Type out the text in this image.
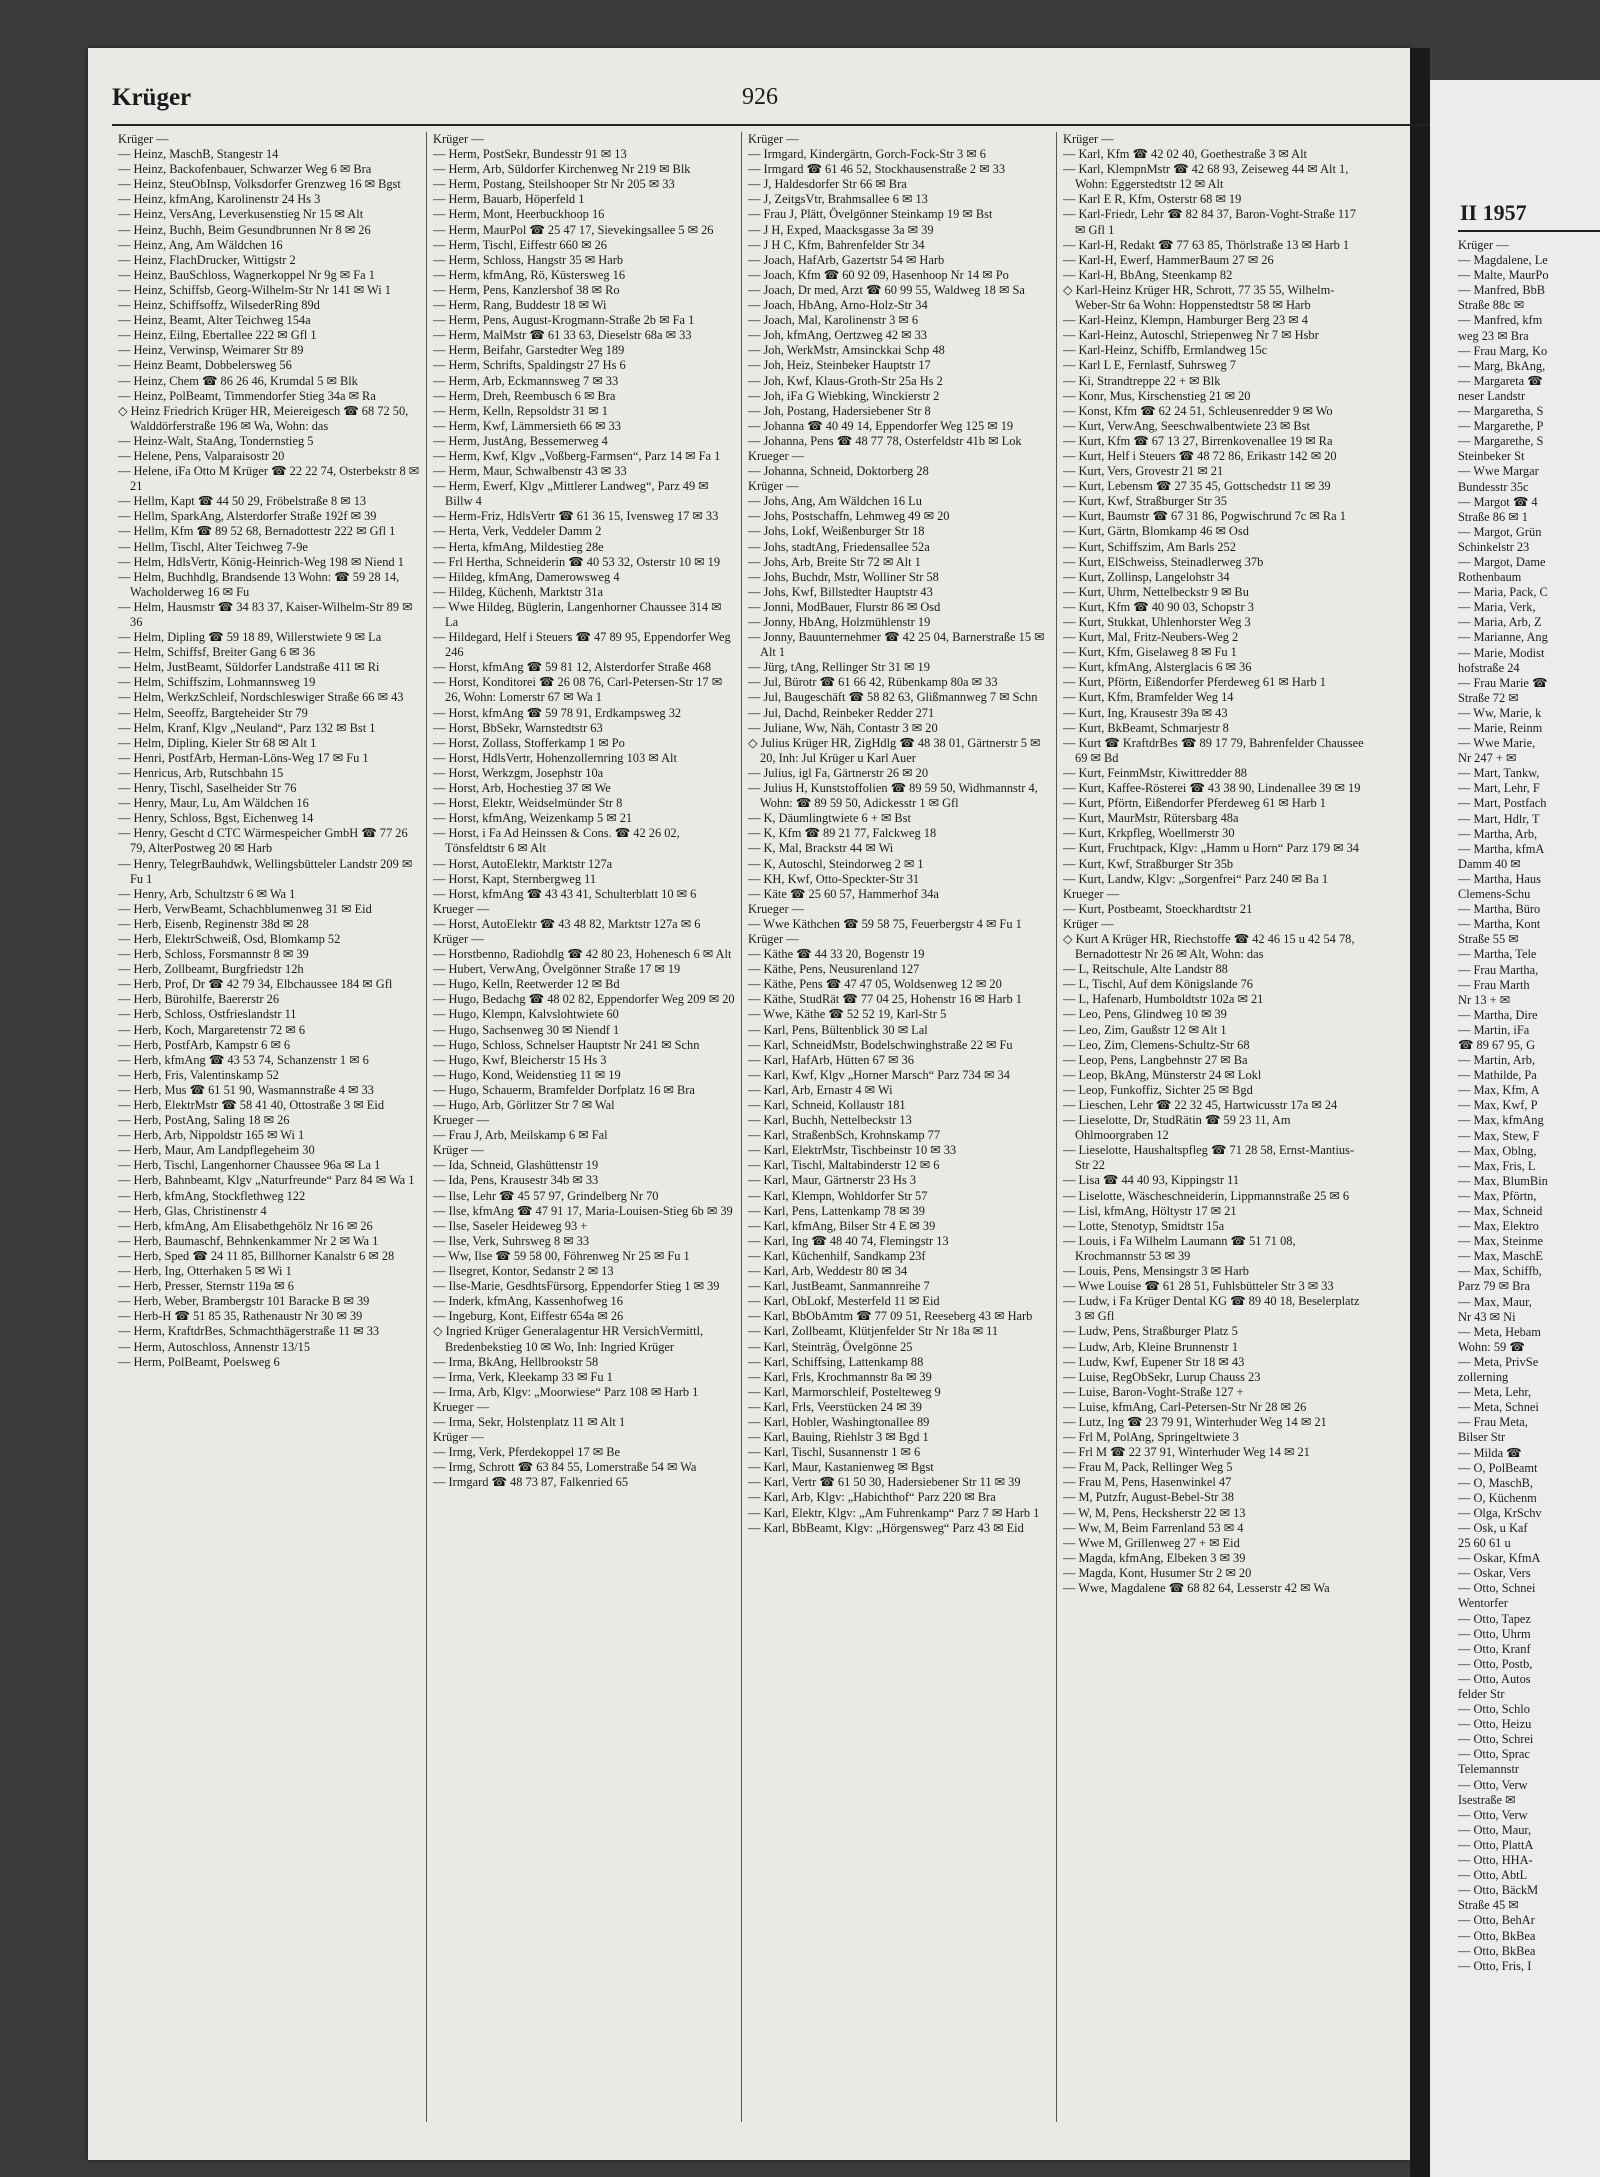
Krüger	926

Krüger —

— Heinz, MaschB, Stangestr 14

— Heinz, Backofenbauer, Schwarzer Weg 6 ✉ Bra

— Heinz, SteuObInsp, Volksdorfer Grenzweg 16 ✉ Bgst

— Heinz, kfmAng, Karolinenstr 24 Hs 3

— Heinz, VersAng, Leverkusenstieg Nr 15 ✉ Alt

— Heinz, Buchh, Beim Gesundbrunnen Nr 8 ✉ 26

— Heinz, Ang, Am Wäldchen 16

— Heinz, FlachDrucker, Wittigstr 2

— Heinz, BauSchloss, Wagnerkoppel Nr 9g ✉ Fa 1

— Heinz, Schiffsb, Georg-Wilhelm-Str Nr 141 ✉ Wi 1

— Heinz, Schiffsoffz, WilsederRing 89d

— Heinz, Beamt, Alter Teichweg 154a

— Heinz, Eilng, Ebertallee 222 ✉ Gfl 1

— Heinz, Verwinsp, Weimarer Str 89

— Heinz Beamt, Dobbelersweg 56

— Heinz, Chem ☎ 86 26 46, Krumdal 5 ✉ Blk

— Heinz, PolBeamt, Timmendorfer Stieg 34a ✉ Ra

◇ Heinz Friedrich Krüger HR, Meiereigesch ☎ 68 72 50, Walddörferstraße 196 ✉ Wa, Wohn: das

— Heinz-Walt, StaAng, Tondernstieg 5

— Helene, Pens, Valparaisostr 20

— Helene, iFa Otto M Krüger ☎ 22 22 74, Osterbekstr 8 ✉ 21

— Hellm, Kapt ☎ 44 50 29, Fröbelstraße 8 ✉ 13

— Hellm, SparkAng, Alsterdorfer Straße 192f ✉ 39

— Hellm, Kfm ☎ 89 52 68, Bernadottestr 222 ✉ Gfl 1

— Hellm, Tischl, Alter Teichweg 7-9e

— Helm, HdlsVertr, König-Heinrich-Weg 198 ✉ Niend 1

— Helm, Buchhdlg, Brandsende 13 Wohn: ☎ 59 28 14, Wacholderweg 16 ✉ Fu

— Helm, Hausmstr ☎ 34 83 37, Kaiser-Wilhelm-Str 89 ✉ 36

— Helm, Dipling ☎ 59 18 89, Willerstwiete 9 ✉ La

— Helm, Schiffsf, Breiter Gang 6 ✉ 36

— Helm, JustBeamt, Süldorfer Landstraße 411 ✉ Ri

— Helm, Schiffszim, Lohmannsweg 19

— Helm, WerkzSchleif, Nordschleswiger Straße 66 ✉ 43

— Helm, Seeoffz, Bargteheider Str 79

— Helm, Kranf, Klgv „Neuland“, Parz 132 ✉ Bst 1

— Helm, Dipling, Kieler Str 68 ✉ Alt 1

— Henri, PostfArb, Herman-Löns-Weg 17 ✉ Fu 1

— Henricus, Arb, Rutschbahn 15

— Henry, Tischl, Saselheider Str 76

— Henry, Maur, Lu, Am Wäldchen 16

— Henry, Schloss, Bgst, Eichenweg 14

— Henry, Gescht d CTC Wärmespeicher GmbH ☎ 77 26 79, AlterPostweg 20 ✉ Harb

— Henry, TelegrBauhdwk, Wellingsbütteler Landstr 209 ✉ Fu 1

— Henry, Arb, Schultzstr 6 ✉ Wa 1

— Herb, VerwBeamt, Schachblumenweg 31 ✉ Eid

— Herb, Eisenb, Reginenstr 38d ✉ 28

— Herb, ElektrSchweiß, Osd, Blomkamp 52

— Herb, Schloss, Forsmannstr 8 ✉ 39

— Herb, Zollbeamt, Burgfriedstr 12h

— Herb, Prof, Dr ☎ 42 79 34, Elbchaussee 184 ✉ Gfl

— Herb, Bürohilfe, Baererstr 26

— Herb, Schloss, Ostfrieslandstr 11

— Herb, Koch, Margaretenstr 72 ✉ 6

— Herb, PostfArb, Kampstr 6 ✉ 6

— Herb, kfmAng ☎ 43 53 74, Schanzenstr 1 ✉ 6

— Herb, Fris, Valentinskamp 52

— Herb, Mus ☎ 61 51 90, Wasmannstraße 4 ✉ 33

— Herb, ElektrMstr ☎ 58 41 40, Ottostraße 3 ✉ Eid

— Herb, PostAng, Saling 18 ✉ 26

— Herb, Arb, Nippoldstr 165 ✉ Wi 1

— Herb, Maur, Am Landpflegeheim 30

— Herb, Tischl, Langenhorner Chaussee 96a ✉ La 1

— Herb, Bahnbeamt, Klgv „Naturfreunde“ Parz 84 ✉ Wa 1

— Herb, kfmAng, Stockflethweg 122

— Herb, Glas, Christinenstr 4

— Herb, kfmAng, Am Elisabethgehölz Nr 16 ✉ 26

— Herb, Baumaschf, Behnkenkammer Nr 2 ✉ Wa 1

— Herb, Sped ☎ 24 11 85, Billhorner Kanalstr 6 ✉ 28

— Herb, Ing, Otterhaken 5 ✉ Wi 1

— Herb, Presser, Sternstr 119a ✉ 6

— Herb, Weber, Brambergstr 101 Baracke B ✉ 39

— Herb-H ☎ 51 85 35, Rathenaustr Nr 30 ✉ 39

— Herm, KraftdrBes, Schmachthägerstraße 11 ✉ 33

— Herm, Autoschloss, Annenstr 13/15

— Herm, PolBeamt, Poelsweg 6

Krüger —

— Herm, PostSekr, Bundesstr 91 ✉ 13

— Herm, Arb, Süldorfer Kirchenweg Nr 219 ✉ Blk

— Herm, Postang, Steilshooper Str Nr 205 ✉ 33

— Herm, Bauarb, Höperfeld 1

— Herm, Mont, Heerbuckhoop 16

— Herm, MaurPol ☎ 25 47 17, Sievekingsallee 5 ✉ 26

— Herm, Tischl, Eiffestr 660 ✉ 26

— Herm, Schloss, Hangstr 35 ✉ Harb

— Herm, kfmAng, Rö, Küstersweg 16

— Herm, Pens, Kanzlershof 38 ✉ Ro

— Herm, Rang, Buddestr 18 ✉ Wi

— Herm, Pens, August-Krogmann-Straße 2b ✉ Fa 1

— Herm, MalMstr ☎ 61 33 63, Dieselstr 68a ✉ 33

— Herm, Beifahr, Garstedter Weg 189

— Herm, Schrifts, Spaldingstr 27 Hs 6

— Herm, Arb, Eckmannsweg 7 ✉ 33

— Herm, Dreh, Reembusch 6 ✉ Bra

— Herm, Kelln, Repsoldstr 31 ✉ 1

— Herm, Kwf, Lämmersieth 66 ✉ 33

— Herm, JustAng, Bessemerweg 4

— Herm, Kwf, Klgv „Voßberg-Farmsen“, Parz 14 ✉ Fa 1

— Herm, Maur, Schwalbenstr 43 ✉ 33

— Herm, Ewerf, Klgv „Mittlerer Landweg“, Parz 49 ✉ Billw 4

— Herm-Friz, HdlsVertr ☎ 61 36 15, Ivensweg 17 ✉ 33

— Herta, Verk, Veddeler Damm 2

— Herta, kfmAng, Mildestieg 28e

— Frl Hertha, Schneiderin ☎ 40 53 32, Osterstr 10 ✉ 19

— Hildeg, kfmAng, Damerowsweg 4

— Hildeg, Küchenh, Marktstr 31a

— Wwe Hildeg, Büglerin, Langenhorner Chaussee 314 ✉ La

— Hildegard, Helf i Steuers ☎ 47 89 95, Eppendorfer Weg 246

— Horst, kfmAng ☎ 59 81 12, Alsterdorfer Straße 468

— Horst, Konditorei ☎ 26 08 76, Carl-Petersen-Str 17 ✉ 26, Wohn: Lomerstr 67 ✉ Wa 1

— Horst, kfmAng ☎ 59 78 91, Erdkampsweg 32

— Horst, BbSekr, Warnstedtstr 63

— Horst, Zollass, Stofferkamp 1 ✉ Po

— Horst, HdlsVertr, Hohenzollernring 103 ✉ Alt

— Horst, Werkzgm, Josephstr 10a

— Horst, Arb, Hochestieg 37 ✉ We

— Horst, Elektr, Weidselmünder Str 8

— Horst, kfmAng, Weizenkamp 5 ✉ 21

— Horst, i Fa Ad Heinssen & Cons. ☎ 42 26 02, Tönsfeldtstr 6 ✉ Alt

— Horst, AutoElektr, Marktstr 127a

— Horst, Kapt, Sternbergweg 11

— Horst, kfmAng ☎ 43 43 41, Schulterblatt 10 ✉ 6

Krueger —

— Horst, AutoElektr ☎ 43 48 82, Marktstr 127a ✉ 6

Krüger —

— Horstbenno, Radiohdlg ☎ 42 80 23, Hohenesch 6 ✉ Alt

— Hubert, VerwAng, Övelgönner Straße 17 ✉ 19

— Hugo, Kelln, Reetwerder 12 ✉ Bd

— Hugo, Bedachg ☎ 48 02 82, Eppendorfer Weg 209 ✉ 20

— Hugo, Klempn, Kalvslohtwiete 60

— Hugo, Sachsenweg 30 ✉ Niendf 1

— Hugo, Schloss, Schnelser Hauptstr Nr 241 ✉ Schn

— Hugo, Kwf, Bleicherstr 15 Hs 3

— Hugo, Kond, Weidenstieg 11 ✉ 19

— Hugo, Schauerm, Bramfelder Dorfplatz 16 ✉ Bra

— Hugo, Arb, Görlitzer Str 7 ✉ Wal

Krueger —

— Frau J, Arb, Meilskamp 6 ✉ Fal

Krüger —

— Ida, Schneid, Glashüttenstr 19

— Ida, Pens, Krausestr 34b ✉ 33

— Ilse, Lehr ☎ 45 57 97, Grindelberg Nr 70

— Ilse, kfmAng ☎ 47 91 17, Maria-Louisen-Stieg 6b ✉ 39

— Ilse, Saseler Heideweg 93 +

— Ilse, Verk, Suhrsweg 8 ✉ 33

— Ww, Ilse ☎ 59 58 00, Föhrenweg Nr 25 ✉ Fu 1

— Ilsegret, Kontor, Sedanstr 2 ✉ 13

— Ilse-Marie, GesdhtsFürsorg, Eppendorfer Stieg 1 ✉ 39

— Inderk, kfmAng, Kassenhofweg 16

— Ingeburg, Kont, Eiffestr 654a ✉ 26

◇ Ingried Krüger Generalagentur HR VersichVermittl, Bredenbekstieg 10 ✉ Wo, Inh: Ingried Krüger

— Irma, BkAng, Hellbrookstr 58

— Irma, Verk, Kleekamp 33 ✉ Fu 1

— Irma, Arb, Klgv: „Moorwiese“ Parz 108 ✉ Harb 1

Krueger —

— Irma, Sekr, Holstenplatz 11 ✉ Alt 1

Krüger —

— Irmg, Verk, Pferdekoppel 17 ✉ Be

— Irmg, Schrott ☎ 63 84 55, Lomerstraße 54 ✉ Wa

— Irmgard ☎ 48 73 87, Falkenried 65

Krüger —

— Irmgard, Kindergärtn, Gorch-Fock-Str 3 ✉ 6

— Irmgard ☎ 61 46 52, Stockhausenstraße 2 ✉ 33

— J, Haldesdorfer Str 66 ✉ Bra

— J, ZeitgsVtr, Brahmsallee 6 ✉ 13

— Frau J, Plätt, Övelgönner Steinkamp 19 ✉ Bst

— J H, Exped, Maacksgasse 3a ✉ 39

— J H C, Kfm, Bahrenfelder Str 34

— Joach, HafArb, Gazertstr 54 ✉ Harb

— Joach, Kfm ☎ 60 92 09, Hasenhoop Nr 14 ✉ Po

— Joach, Dr med, Arzt ☎ 60 99 55, Waldweg 18 ✉ Sa

— Joach, HbAng, Arno-Holz-Str 34

— Joach, Mal, Karolinenstr 3 ✉ 6

— Joh, kfmAng, Oertzweg 42 ✉ 33

— Joh, WerkMstr, Amsinckkai Schp 48

— Joh, Heiz, Steinbeker Hauptstr 17

— Joh, Kwf, Klaus-Groth-Str 25a Hs 2

— Joh, iFa G Wiebking, Winckierstr 2

— Joh, Postang, Hadersiebener Str 8

— Johanna ☎ 40 49 14, Eppendorfer Weg 125 ✉ 19

— Johanna, Pens ☎ 48 77 78, Osterfeldstr 41b ✉ Lok

Krueger —

— Johanna, Schneid, Doktorberg 28

Krüger —

— Johs, Ang, Am Wäldchen 16 Lu

— Johs, Postschaffn, Lehmweg 49 ✉ 20

— Johs, Lokf, Weißenburger Str 18

— Johs, stadtAng, Friedensallee 52a

— Johs, Arb, Breite Str 72 ✉ Alt 1

— Johs, Buchdr, Mstr, Wolliner Str 58

— Johs, Kwf, Billstedter Hauptstr 43

— Jonni, ModBauer, Flurstr 86 ✉ Osd

— Jonny, HbAng, Holzmühlenstr 19

— Jonny, Bauunternehmer ☎ 42 25 04, Barnerstraße 15 ✉ Alt 1

— Jürg, tAng, Rellinger Str 31 ✉ 19

— Jul, Bürotr ☎ 61 66 42, Rübenkamp 80a ✉ 33

— Jul, Baugeschäft ☎ 58 82 63, Glißmannweg 7 ✉ Schn

— Jul, Dachd, Reinbeker Redder 271

— Juliane, Ww, Näh, Contastr 3 ✉ 20

◇ Julius Krüger HR, ZigHdlg ☎ 48 38 01, Gärtnerstr 5 ✉ 20, Inh: Jul Krüger u Karl Auer

— Julius, igl Fa, Gärtnerstr 26 ✉ 20

— Julius H, Kunststoffolien ☎ 89 59 50, Widhmannstr 4, Wohn: ☎ 89 59 50, Adickesstr 1 ✉ Gfl

— K, Däumlingtwiete 6 + ✉ Bst

— K, Kfm ☎ 89 21 77, Falckweg 18

— K, Mal, Brackstr 44 ✉ Wi

— K, Autoschl, Steindorweg 2 ✉ 1

— KH, Kwf, Otto-Speckter-Str 31

— Käte ☎ 25 60 57, Hammerhof 34a

Krueger —

— Wwe Käthchen ☎ 59 58 75, Feuerbergstr 4 ✉ Fu 1

Krüger —

— Käthe ☎ 44 33 20, Bogenstr 19

— Käthe, Pens, Neusurenland 127

— Käthe, Pens ☎ 47 47 05, Woldsenweg 12 ✉ 20

— Käthe, StudRät ☎ 77 04 25, Hohenstr 16 ✉ Harb 1

— Wwe, Käthe ☎ 52 52 19, Karl-Str 5

— Karl, Pens, Bültenblick 30 ✉ Lal

— Karl, SchneidMstr, Bodelschwinghstraße 22 ✉ Fu

— Karl, HafArb, Hütten 67 ✉ 36

— Karl, Kwf, Klgv „Horner Marsch“ Parz 734 ✉ 34

— Karl, Arb, Ernastr 4 ✉ Wi

— Karl, Schneid, Kollaustr 181

— Karl, Buchh, Nettelbeckstr 13

— Karl, StraßenbSch, Krohnskamp 77

— Karl, ElektrMstr, Tischbeinstr 10 ✉ 33

— Karl, Tischl, Maltabinderstr 12 ✉ 6

— Karl, Maur, Gärtnerstr 23 Hs 3

— Karl, Klempn, Wohldorfer Str 57

— Karl, Pens, Lattenkamp 78 ✉ 39

— Karl, kfmAng, Bilser Str 4 E ✉ 39

— Karl, Ing ☎ 48 40 74, Flemingstr 13

— Karl, Küchenhilf, Sandkamp 23f

— Karl, Arb, Weddestr 80 ✉ 34

— Karl, JustBeamt, Sanmannreihe 7

— Karl, ObLokf, Mesterfeld 11 ✉ Eid

— Karl, BbObAmtm ☎ 77 09 51, Reeseberg 43 ✉ Harb

— Karl, Zollbeamt, Klütjenfelder Str Nr 18a ✉ 11

— Karl, Steinträg, Övelgönne 25

— Karl, Schiffsing, Lattenkamp 88

— Karl, Frls, Krochmannstr 8a ✉ 39

— Karl, Marmorschleif, Postelteweg 9

— Karl, Frls, Veerstücken 24 ✉ 39

— Karl, Hobler, Washingtonallee 89

— Karl, Bauing, Riehlstr 3 ✉ Bgd 1

— Karl, Tischl, Susannenstr 1 ✉ 6

— Karl, Maur, Kastanienweg ✉ Bgst

— Karl, Vertr ☎ 61 50 30, Hadersiebener Str 11 ✉ 39

— Karl, Arb, Klgv: „Habichthof“ Parz 220 ✉ Bra

— Karl, Elektr, Klgv: „Am Fuhrenkamp“ Parz 7 ✉ Harb 1

— Karl, BbBeamt, Klgv: „Hörgensweg“ Parz 43 ✉ Eid

Krüger —

— Karl, Kfm ☎ 42 02 40, Goethestraße 3 ✉ Alt

— Karl, KlempnMstr ☎ 42 68 93, Zeiseweg 44 ✉ Alt 1, Wohn: Eggerstedtstr 12 ✉ Alt

— Karl E R, Kfm, Osterstr 68 ✉ 19

— Karl-Friedr, Lehr ☎ 82 84 37, Baron-Voght-Straße 117 ✉ Gfl 1

— Karl-H, Redakt ☎ 77 63 85, Thörlstraße 13 ✉ Harb 1

— Karl-H, Ewerf, HammerBaum 27 ✉ 26

— Karl-H, BbAng, Steenkamp 82

◇ Karl-Heinz Krüger HR, Schrott, 77 35 55, Wilhelm-Weber-Str 6a Wohn: Hoppenstedtstr 58 ✉ Harb

— Karl-Heinz, Klempn, Hamburger Berg 23 ✉ 4

— Karl-Heinz, Autoschl, Striepenweg Nr 7 ✉ Hsbr

— Karl-Heinz, Schiffb, Ermlandweg 15c

— Karl L E, Fernlastf, Suhrsweg 7

— Ki, Strandtreppe 22 + ✉ Blk

— Konr, Mus, Kirschenstieg 21 ✉ 20

— Konst, Kfm ☎ 62 24 51, Schleusenredder 9 ✉ Wo

— Kurt, VerwAng, Seeschwalbentwiete 23 ✉ Bst

— Kurt, Kfm ☎ 67 13 27, Birrenkovenallee 19 ✉ Ra

— Kurt, Helf i Steuers ☎ 48 72 86, Erikastr 142 ✉ 20

— Kurt, Vers, Grovestr 21 ✉ 21

— Kurt, Lebensm ☎ 27 35 45, Gottschedstr 11 ✉ 39

— Kurt, Kwf, Straßburger Str 35

— Kurt, Baumstr ☎ 67 31 86, Pogwischrund 7c ✉ Ra 1

— Kurt, Gärtn, Blomkamp 46 ✉ Osd

— Kurt, Schiffszim, Am Barls 252

— Kurt, ElSchweiss, Steinadlerweg 37b

— Kurt, Zollinsp, Langelohstr 34

— Kurt, Uhrm, Nettelbeckstr 9 ✉ Bu

— Kurt, Kfm ☎ 40 90 03, Schopstr 3

— Kurt, Stukkat, Uhlenhorster Weg 3

— Kurt, Mal, Fritz-Neubers-Weg 2

— Kurt, Kfm, Giselaweg 8 ✉ Fu 1

— Kurt, kfmAng, Alsterglacis 6 ✉ 36

— Kurt, Pförtn, Eißendorfer Pferdeweg 61 ✉ Harb 1

— Kurt, Kfm, Bramfelder Weg 14

— Kurt, Ing, Krausestr 39a ✉ 43

— Kurt, BkBeamt, Schmarjestr 8

— Kurt ☎ KraftdrBes ☎ 89 17 79, Bahrenfelder Chaussee 69 ✉ Bd

— Kurt, FeinmMstr, Kiwittredder 88

— Kurt, Kaffee-Rösterei ☎ 43 38 90, Lindenallee 39 ✉ 19

— Kurt, Pförtn, Eißendorfer Pferdeweg 61 ✉ Harb 1

— Kurt, MaurMstr, Rütersbarg 48a

— Kurt, Krkpfleg, Woellmerstr 30

— Kurt, Fruchtpack, Klgv: „Hamm u Horn“ Parz 179 ✉ 34

— Kurt, Kwf, Straßburger Str 35b

— Kurt, Landw, Klgv: „Sorgenfrei“ Parz 240 ✉ Ba 1

Krueger —

— Kurt, Postbeamt, Stoeckhardtstr 21

Krüger —

◇ Kurt A Krüger HR, Riechstoffe ☎ 42 46 15 u 42 54 78, Bernadottestr Nr 26 ✉ Alt, Wohn: das

— L, Reitschule, Alte Landstr 88

— L, Tischl, Auf dem Königslande 76

— L, Hafenarb, Humboldtstr 102a ✉ 21

— Leo, Pens, Glindweg 10 ✉ 39

— Leo, Zim, Gaußstr 12 ✉ Alt 1

— Leo, Zim, Clemens-Schultz-Str 68

— Leop, Pens, Langbehnstr 27 ✉ Ba

— Leop, BkAng, Münsterstr 24 ✉ Lokl

— Leop, Funkoffiz, Sichter 25 ✉ Bgd

— Lieschen, Lehr ☎ 22 32 45, Hartwicusstr 17a ✉ 24

— Lieselotte, Dr, StudRätin ☎ 59 23 11, Am Ohlmoorgraben 12

— Lieselotte, Haushaltspfleg ☎ 71 28 58, Ernst-Mantius-Str 22

— Lisa ☎ 44 40 93, Kippingstr 11

— Liselotte, Wäscheschneiderin, Lippmannstraße 25 ✉ 6

— Lisl, kfmAng, Höltystr 17 ✉ 21

— Lotte, Stenotyp, Smidtstr 15a

— Louis, i Fa Wilhelm Laumann ☎ 51 71 08, Krochmannstr 53 ✉ 39

— Louis, Pens, Mensingstr 3 ✉ Harb

— Wwe Louise ☎ 61 28 51, Fuhlsbütteler Str 3 ✉ 33

— Ludw, i Fa Krüger Dental KG ☎ 89 40 18, Beselerplatz 3 ✉ Gfl

— Ludw, Pens, Straßburger Platz 5

— Ludw, Arb, Kleine Brunnenstr 1

— Ludw, Kwf, Eupener Str 18 ✉ 43

— Luise, RegObSekr, Lurup Chauss 23

— Luise, Baron-Voght-Straße 127 +

— Luise, kfmAng, Carl-Petersen-Str Nr 28 ✉ 26

— Lutz, Ing ☎ 23 79 91, Winterhuder Weg 14 ✉ 21

— Frl M, PolAng, Springeltwiete 3

— Frl M ☎ 22 37 91, Winterhuder Weg 14 ✉ 21

— Frau M, Pack, Rellinger Weg 5

— Frau M, Pens, Hasenwinkel 47

— M, Putzfr, August-Bebel-Str 38

— W, M, Pens, Hecksherstr 22 ✉ 13

— Ww, M, Beim Farrenland 53 ✉ 4

— Wwe M, Grillenweg 27 + ✉ Eid

— Magda, kfmAng, Elbeken 3 ✉ 39

— Magda, Kont, Husumer Str 2 ✉ 20

— Wwe, Magdalene ☎ 68 82 64, Lesserstr 42 ✉ Wa

II 1957

Krüger —

— Magdalene, Le

— Malte, MaurPo

— Manfred, BbB

Straße 88c ✉

— Manfred, kfm

weg 23 ✉ Bra

— Frau Marg, Ko

— Marg, BkAng,

— Margareta ☎

neser Landstr

— Margaretha, S

— Margarethe, P

— Margarethe, S

Steinbeker St

— Wwe Margar

Bundesstr 35c

— Margot ☎ 4

Straße 86 ✉ 1

— Margot, Grün

Schinkelstr 23

— Margot, Dame

Rothenbaum

— Maria, Pack, C

— Maria, Verk,

— Maria, Arb, Z

— Marianne, Ang

— Marie, Modist

hofstraße 24

— Frau Marie ☎

Straße 72 ✉

— Ww, Marie, k

— Marie, Reinm

— Wwe Marie,

Nr 247 + ✉

— Mart, Tankw,

— Mart, Lehr, F

— Mart, Postfach

— Mart, Hdlr, T

— Martha, Arb,

— Martha, kfmA

Damm 40 ✉

— Martha, Haus

Clemens-Schu

— Martha, Büro

— Martha, Kont

Straße 55 ✉

— Martha, Tele

— Frau Martha,

— Frau Marth

Nr 13 + ✉

— Martha, Dire

— Martin, iFa

☎ 89 67 95, G

— Martin, Arb,

— Mathilde, Pa

— Max, Kfm, A

— Max, Kwf, P

— Max, kfmAng

— Max, Stew, F

— Max, Oblng,

— Max, Fris, L

— Max, BlumBin

— Max, Pförtn,

— Max, Schneid

— Max, Elektro

— Max, Steinme

— Max, MaschE

— Max, Schiffb,

Parz 79 ✉ Bra

— Max, Maur,

Nr 43 ✉ Ni

— Meta, Hebam

Wohn: 59 ☎

— Meta, PrivSe

zollerning

— Meta, Lehr,

— Meta, Schnei

— Frau Meta,

Bilser Str

— Milda ☎

— O, PolBeamt

— O, MaschB,

— O, Küchenm

— Olga, KrSchv

— Osk, u Kaf

25 60 61 u

— Oskar, KfmA

— Oskar, Vers

— Otto, Schnei

Wentorfer

— Otto, Tapez

— Otto, Uhrm

— Otto, Kranf

— Otto, Postb,

— Otto, Autos

felder Str

— Otto, Schlo

— Otto, Heizu

— Otto, Schrei

— Otto, Sprac

Telemannstr

— Otto, Verw

Isestraße ✉

— Otto, Verw

— Otto, Maur,

— Otto, PlattA

— Otto, HHA-

— Otto, AbtL

— Otto, BäckM

Straße 45 ✉

— Otto, BehAr

— Otto, BkBea

— Otto, BkBea

— Otto, Fris, I
